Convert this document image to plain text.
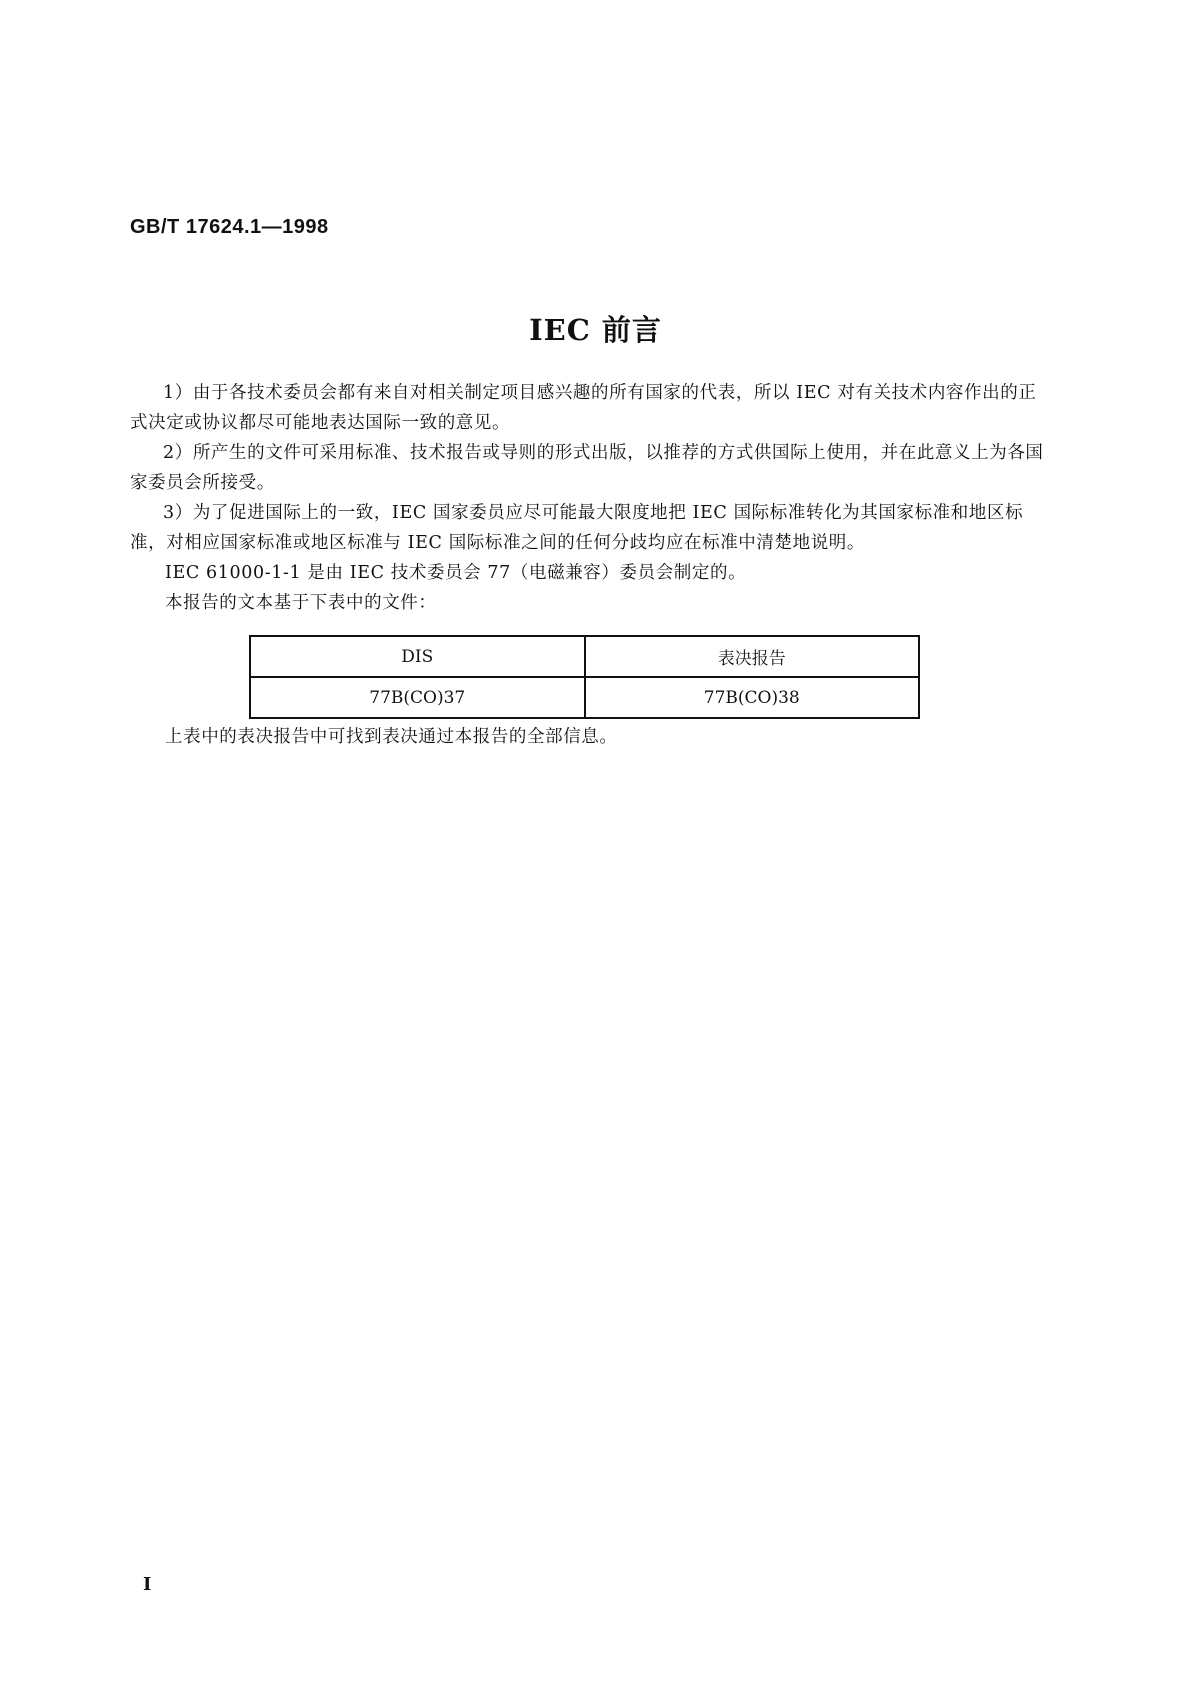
GB/T 17624.1—1998
IEC 前言

1）由于各技术委员会都有来自对相关制定项目感兴趣的所有国家的代表，所以 IEC 对有关技术内容作出的正式决定或协议都尽可能地表达国际一致的意见。

2）所产生的文件可采用标准、技术报告或导则的形式出版，以推荐的方式供国际上使用，并在此意义上为各国家委员会所接受。

3）为了促进国际上的一致，IEC 国家委员应尽可能最大限度地把 IEC 国际标准转化为其国家标准和地区标准，对相应国家标准或地区标准与 IEC 国际标准之间的任何分歧均应在标准中清楚地说明。

IEC 61000-1-1 是由 IEC 技术委员会 77（电磁兼容）委员会制定的。

本报告的文本基于下表中的文件：

DIS	表决报告
77B(CO)37	77B(CO)38
上表中的表决报告中可找到表决通过本报告的全部信息。
Ⅰ
